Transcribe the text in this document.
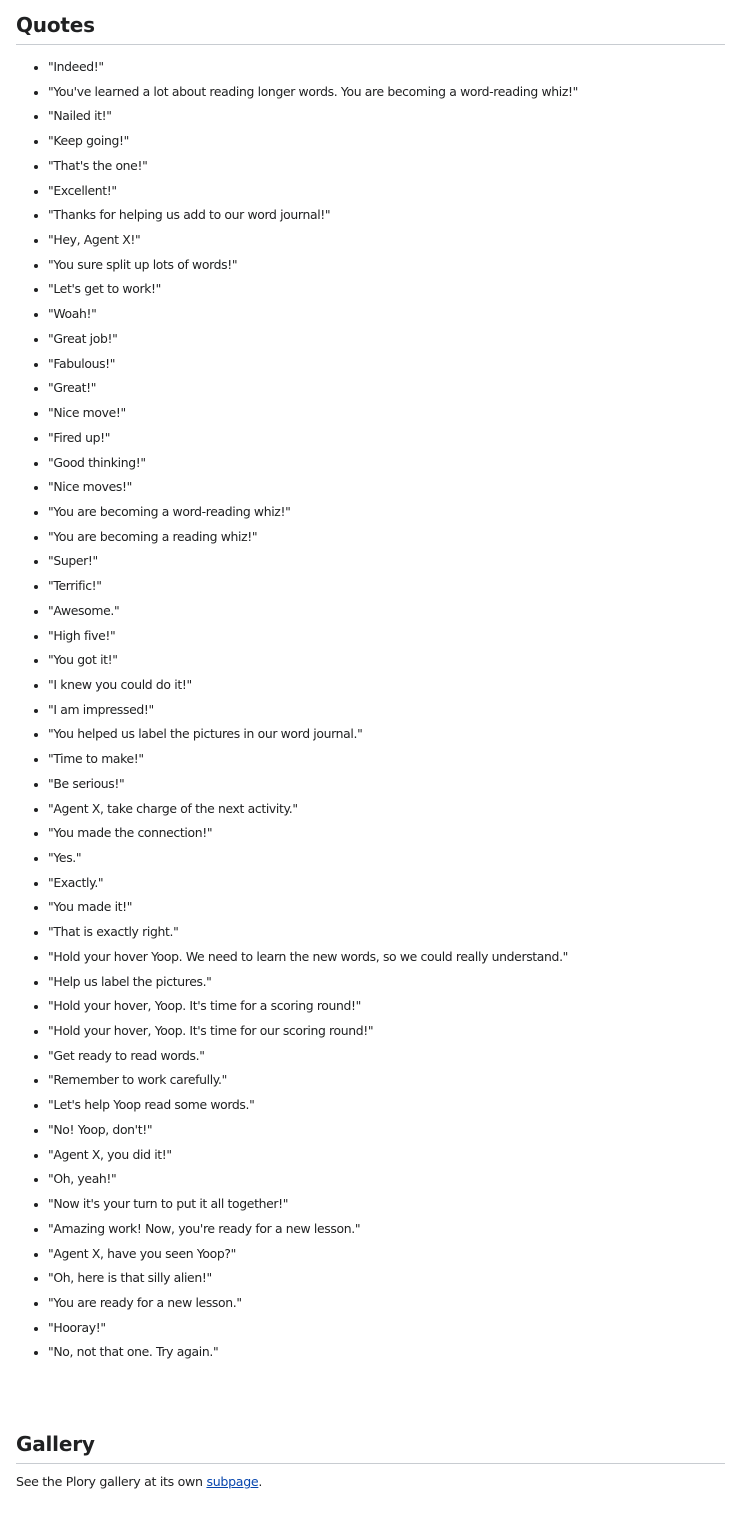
Quotes
"Indeed!"
"You've learned a lot about reading longer words. You are becoming a word-reading whiz!"
"Nailed it!"
"Keep going!"
"That's the one!"
"Excellent!"
"Thanks for helping us add to our word journal!"
"Hey, Agent X!"
"You sure split up lots of words!"
"Let's get to work!"
"Woah!"
"Great job!"
"Fabulous!"
"Great!"
"Nice move!"
"Fired up!"
"Good thinking!"
"Nice moves!"
"You are becoming a word-reading whiz!"
"You are becoming a reading whiz!"
"Super!"
"Terrific!"
"Awesome."
"High five!"
"You got it!"
"I knew you could do it!"
"I am impressed!"
"You helped us label the pictures in our word journal."
"Time to make!"
"Be serious!"
"Agent X, take charge of the next activity."
"You made the connection!"
"Yes."
"Exactly."
"You made it!"
"That is exactly right."
"Hold your hover Yoop. We need to learn the new words, so we could really understand."
"Help us label the pictures."
"Hold your hover, Yoop. It's time for a scoring round!"
"Hold your hover, Yoop. It's time for our scoring round!"
"Get ready to read words."
"Remember to work carefully."
"Let's help Yoop read some words."
"No! Yoop, don't!"
"Agent X, you did it!"
"Oh, yeah!"
"Now it's your turn to put it all together!"
"Amazing work! Now, you're ready for a new lesson."
"Agent X, have you seen Yoop?"
"Oh, here is that silly alien!"
"You are ready for a new lesson."
"Hooray!"
"No, not that one. Try again."
Gallery

See the Plory gallery at its own subpage.
